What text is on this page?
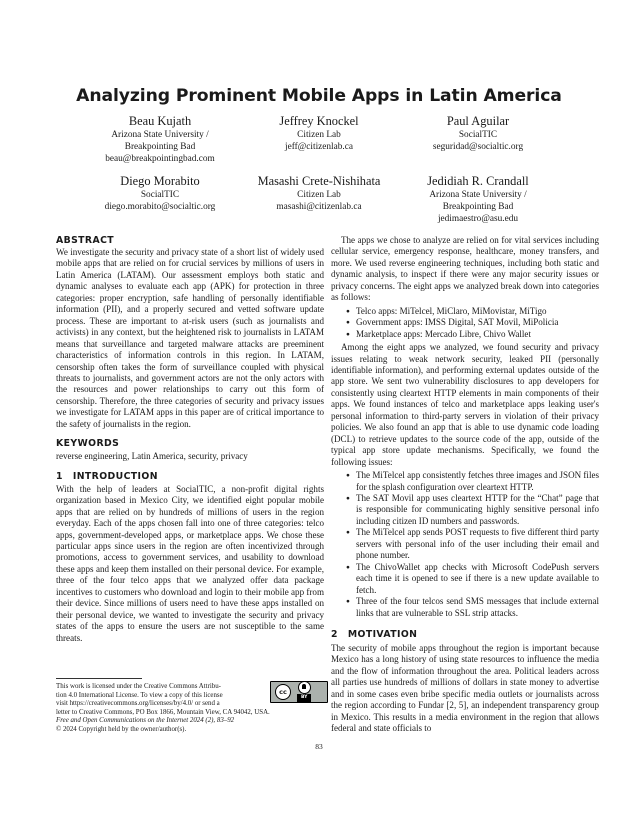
Analyzing Prominent Mobile Apps in Latin America
Beau Kujath
Arizona State University /
Breakpointing Bad
beau@breakpointingbad.com
Jeffrey Knockel
Citizen Lab
jeff@citizenlab.ca
Paul Aguilar
SocialTIC
seguridad@socialtic.org
Diego Morabito
SocialTIC
diego.morabito@socialtic.org
Masashi Crete-Nishihata
Citizen Lab
masashi@citizenlab.ca
Jedidiah R. Crandall
Arizona State University /
Breakpointing Bad
jedimaestro@asu.edu
ABSTRACT

We investigate the security and privacy state of a short list of widely used mobile apps that are relied on for crucial services by millions of users in Latin America (LATAM). Our assessment employs both static and dynamic analyses to evaluate each app (APK) for protection in three categories: proper encryption, safe handling of personally identifiable information (PII), and a properly secured and vetted software update process. These are important to at-risk users (such as journalists and activists) in any context, but the heightened risk to journalists in LATAM means that surveillance and targeted malware attacks are preeminent characteristics of information controls in this region. In LATAM, censorship often takes the form of surveillance coupled with physical threats to journalists, and government actors are not the only actors with the resources and power relationships to carry out this form of censorship. Therefore, the three categories of security and privacy issues we investigate for LATAM apps in this paper are of critical importance to the safety of journalists in the region.

KEYWORDS

reverse engineering, Latin America, security, privacy

1 INTRODUCTION

With the help of leaders at SocialTIC, a non-profit digital rights organization based in Mexico City, we identified eight popular mobile apps that are relied on by hundreds of millions of users in the region everyday. Each of the apps chosen fall into one of three categories: telco apps, government-developed apps, or marketplace apps. We chose these particular apps since users in the region are often incentivized through promotions, access to government services, and usability to download these apps and keep them installed on their personal device. For example, three of the four telco apps that we analyzed offer data package incentives to customers who download and login to their mobile app from their device. Since millions of users need to have these apps installed on their personal device, we wanted to investigate the security and privacy states of the apps to ensure the users are not susceptible to the same threats.

The apps we chose to analyze are relied on for vital services including cellular service, emergency response, healthcare, money transfers, and more. We used reverse engineering techniques, including both static and dynamic analysis, to inspect if there were any major security issues or privacy concerns. The eight apps we analyzed break down into categories as follows:

● Telco apps: MiTelcel, MiClaro, MiMovistar, MiTigo
● Government apps: IMSS Digital, SAT Movil, MiPolicia
● Marketplace apps: Mercado Libre, Chivo Wallet

Among the eight apps we analyzed, we found security and privacy issues relating to weak network security, leaked PII (personally identifiable information), and performing external updates outside of the app store. We sent two vulnerability disclosures to app developers for consistently using cleartext HTTP elements in main components of their apps. We found instances of telco and marketplace apps leaking user's personal information to third-party servers in violation of their privacy policies. We also found an app that is able to use dynamic code loading (DCL) to retrieve updates to the source code of the app, outside of the typical app store update mechanisms. Specifically, we found the following issues:

● The MiTelcel app consistently fetches three images and JSON files for the splash configuration over cleartext HTTP.
● The SAT Movil app uses cleartext HTTP for the “Chat” page that is responsible for communicating highly sensitive personal info including citizen ID numbers and passwords.
● The MiTelcel app sends POST requests to five different third party servers with personal info of the user including their email and phone number.
● The ChivoWallet app checks with Microsoft CodePush servers each time it is opened to see if there is a new update available to fetch.
● Three of the four telcos send SMS messages that include external links that are vulnerable to SSL strip attacks.
2 MOTIVATION

The security of mobile apps throughout the region is important because Mexico has a long history of using state resources to influence the media and the flow of information throughout the area. Political leaders across all parties use hundreds of millions of dollars in state money to advertise and in some cases even bribe specific media outlets or journalists across the region according to Fundar [2, 5], an independent transparency group in Mexico. This results in a media environment in the region that allows federal and state officials to

cc
BY
This work is licensed under the Creative Commons Attribu-
tion 4.0 International License. To view a copy of this license
visit https://creativecommons.org/licenses/by/4.0/ or send a
letter to Creative Commons, PO Box 1866, Mountain View, CA 94042, USA.
Free and Open Communications on the Internet 2024 (2), 83–92
© 2024 Copyright held by the owner/author(s).
83
